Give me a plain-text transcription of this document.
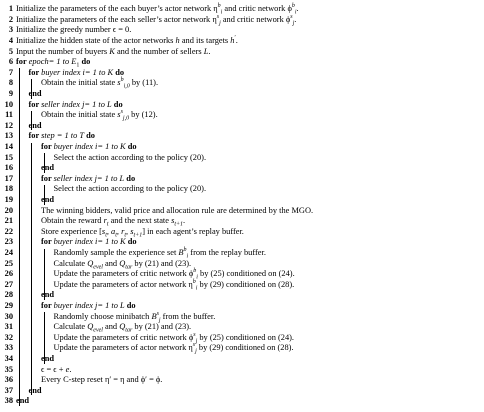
1 Initialize the parameters of the each buyer’s actor network $\eta^b_i$ and critic network $\phi^b_i$.
2 Initialize the parameters of the each seller’s actor network $\eta^s_j$ and critic network $\phi^s_j$.
3 Initialize the greedy number ϵ = 0.
4 Initialize the hidden state of the actor networks h and its targets h′.
5 Input the number of buyers K and the number of sellers L.
6 for epoch= 1 to $E_1$ do
7 for buyer index i= 1 to K do
8	Obtain the initial state $s^b_{i,0}$ by (11).
9 end
10 for seller index j= 1 to L do
11	Obtain the initial state $s^s_{j,0}$ by (12).
12 end
13 for step = 1 to T do
14	for buyer index i= 1 to K do
15	Select the action according to the policy (20).
16	end
17	for seller index j= 1 to L do
18	Select the action according to the policy (20).
19	end
20	The winning bidders, valid price and allocation rule are determined by the MGO.
21	Obtain the reward $r_t$ and the next state $s_{t+1}$.
22	Store experience [$s_t$, $a_t$, $r_t$, $s_{t+1}$] in each agent’s replay buffer.
23	for buyer index i= 1 to K do
24	Randomly sample the experience set $B^b_i$ from the replay buffer.
25	Calculate $Q_{evel}$ and $Q_{tar}$ by (21) and (23).
26	Update the parameters of critic network $\phi^b_i$ by (25) conditioned on (24).
27	Update the parameters of actor network $\eta^b_i$ by (29) conditioned on (28).
28	end
29	for buyer index j= 1 to L do
30	Randomly choose minibatch $B^s_j$ from the buffer.
31	Calculate $Q_{evel}$ and $Q_{tar}$ by (21) and (23).
32	Update the parameters of critic network $\phi^s_j$ by (25) conditioned on (24).
33	Update the parameters of actor network $\eta^s_j$ by (29) conditioned on (28).
34	end
35	ϵ = ϵ + e.
36	Every C-step reset η′ = η and ϕ′ = ϕ.
37 end
38 end
